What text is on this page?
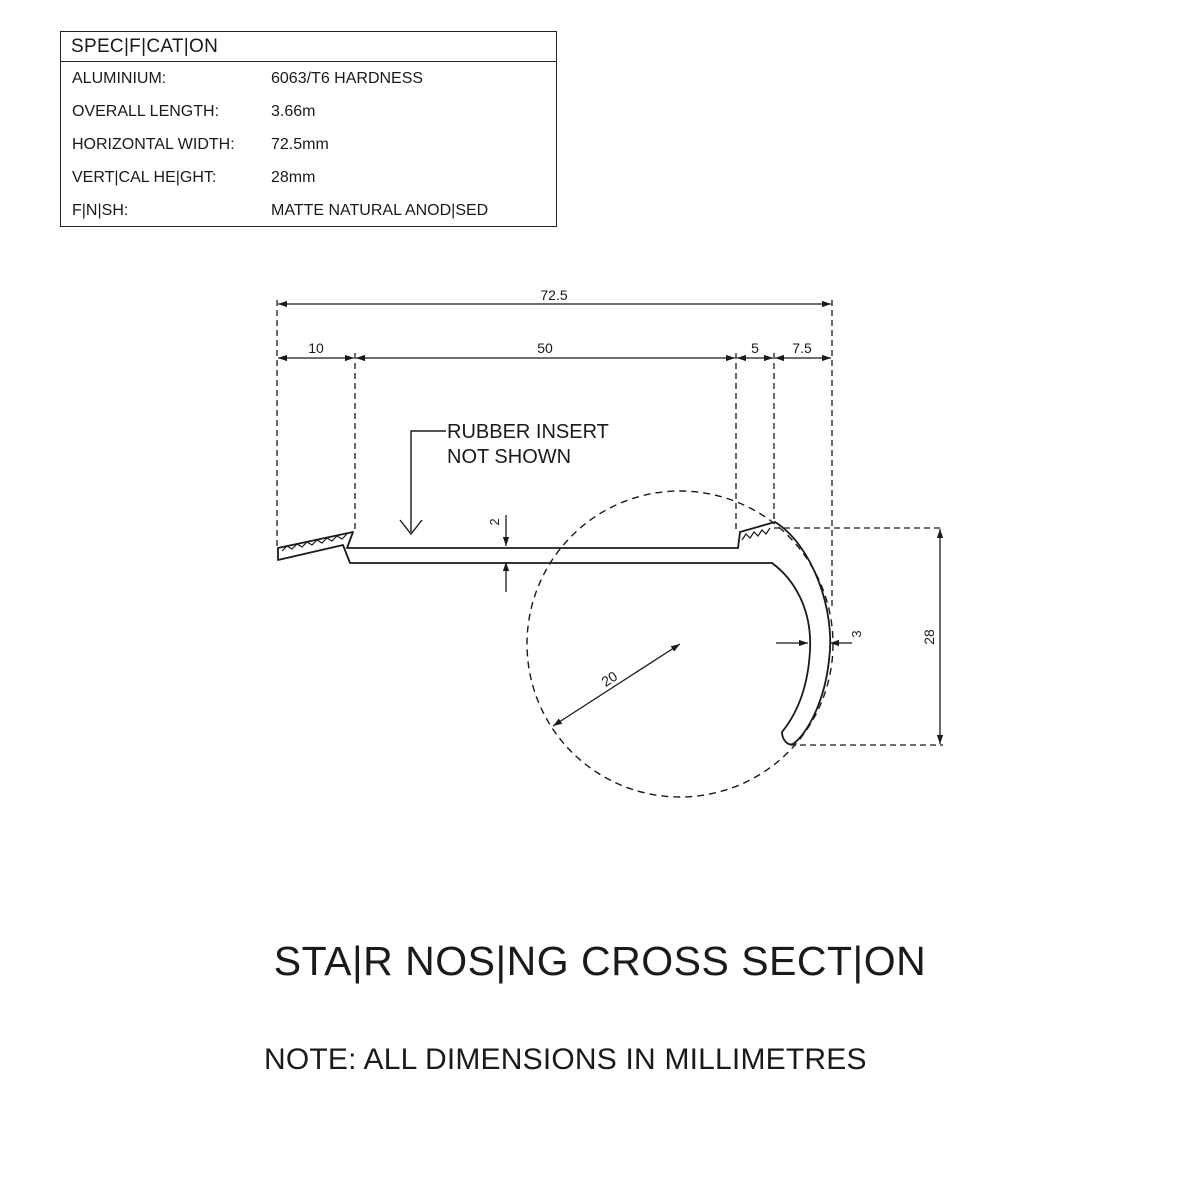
SPEC|F|CAT|ON
ALUMINIUM:	6063/T6 HARDNESS
OVERALL LENGTH:	3.66m
HORIZONTAL WIDTH: 72.5mm
VERT|CAL HE|GHT:	28mm
F|N|SH:	MATTE NATURAL ANOD|SED
72.5
10	50	5 7.5
2
3	28
20
RUBBER INSERT
NOT SHOWN
STA|R NOS|NG CROSS SECT|ON
NOTE: ALL DIMENSIONS IN MILLIMETRES
